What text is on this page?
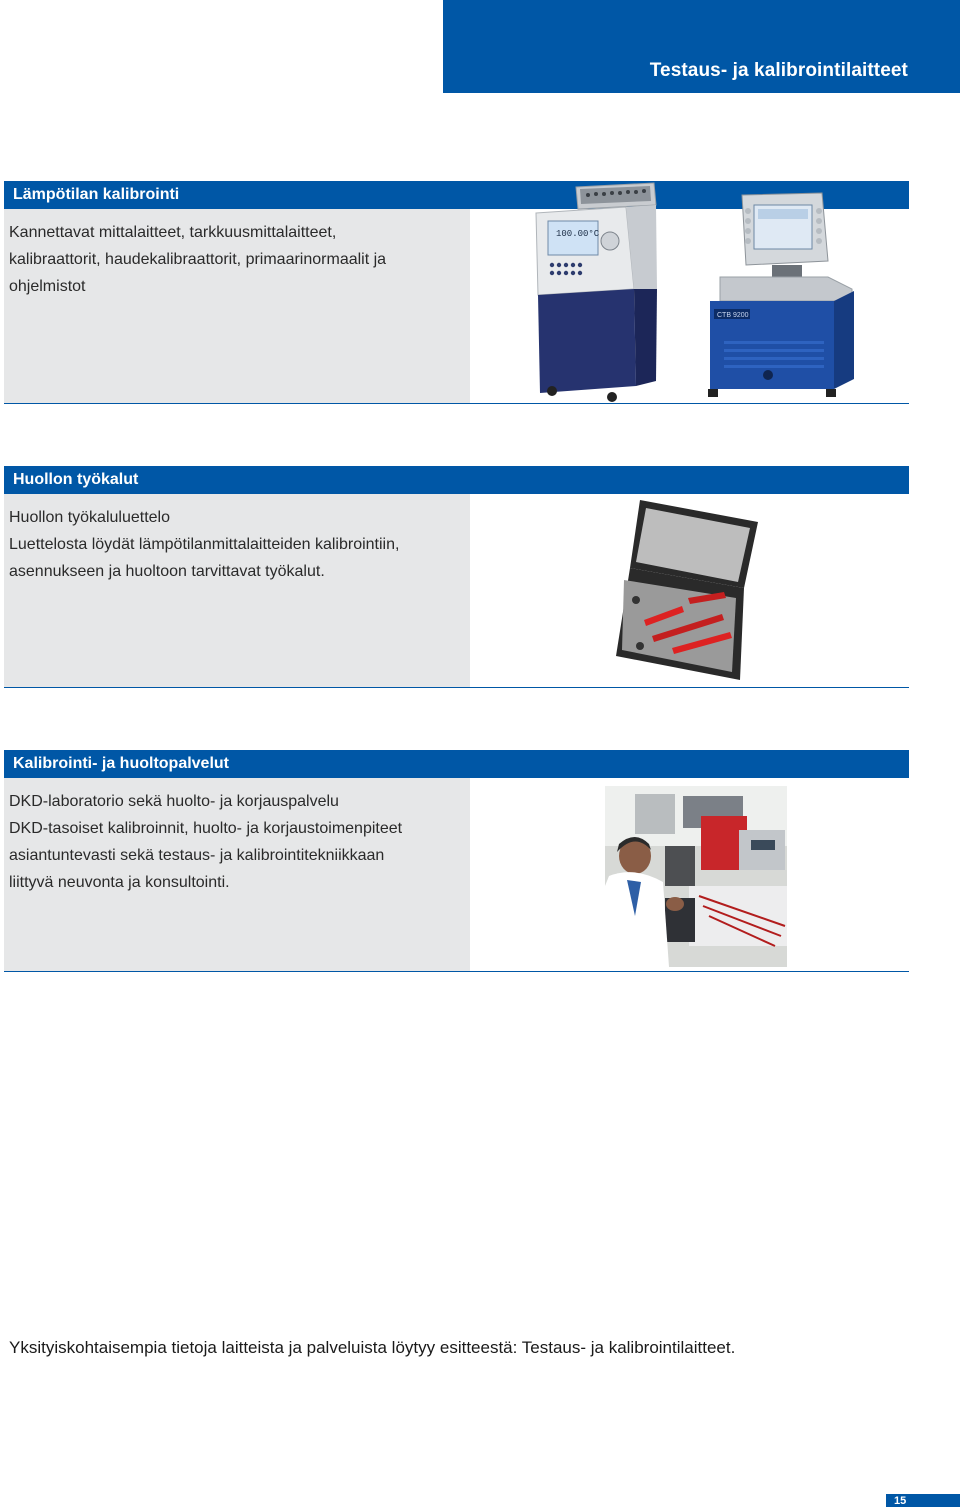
Testaus- ja kalibrointilaitteet
Lämpötilan kalibrointi

Kannettavat mittalaitteet, tarkkuusmittalaitteet,

kalibraattorit, haudekalibraattorit, primaarinormaalit ja

ohjelmistot

100.00°C
CTB 9200
Huollon työkalut

Huollon työkaluluettelo

Luettelosta löydät lämpötilanmittalaitteiden kalibrointiin,

asennukseen ja huoltoon tarvittavat työkalut.

Kalibrointi- ja huoltopalvelut

DKD-laboratorio sekä huolto- ja korjauspalvelu

DKD-tasoiset kalibroinnit, huolto- ja korjaustoimenpiteet

asiantuntevasti sekä testaus- ja kalibrointitekniikkaan

liittyvä neuvonta ja konsultointi.

Yksityiskohtaisempia tietoja laitteista ja palveluista löytyy esitteestä: Testaus- ja kalibrointilaitteet.
15
